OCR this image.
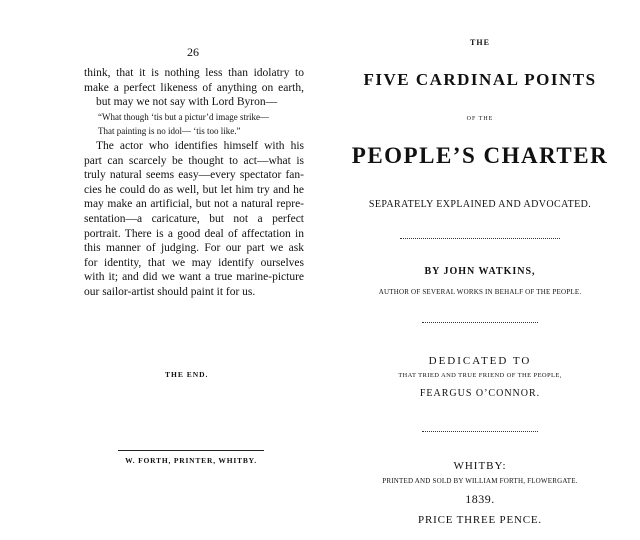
26
think, that it is nothing less than idolatry to
make a perfect likeness of anything on earth,
but may we not say with Lord Byron—
“What though ‘tis but a pictur’d image strike—
That painting is no idol— ‘tis too like.”
The actor who identifies himself with his
part can scarcely be thought to act—what is
truly natural seems easy—every spectator fan-
cies he could do as well, but let him try and he
may make an artificial, but not a natural repre-
sentation—a caricature, but not a perfect
portrait. There is a good deal of affectation in
this manner of judging. For our part we ask
for identity, that we may identify ourselves
with it; and did we want a true marine-picture
our sailor-artist should paint it for us.
THE END.
W. FORTH, PRINTER, WHITBY.
THE
FIVE CARDINAL POINTS
OF THE
PEOPLE’S CHARTER
SEPARATELY EXPLAINED AND ADVOCATED.
BY JOHN WATKINS,
AUTHOR OF SEVERAL WORKS IN BEHALF OF THE PEOPLE.
DEDICATED TO
THAT TRIED AND TRUE FRIEND OF THE PEOPLE,
FEARGUS O’CONNOR.
WHITBY:
PRINTED AND SOLD BY WILLIAM FORTH, FLOWERGATE.
1839.
PRICE THREE PENCE.
